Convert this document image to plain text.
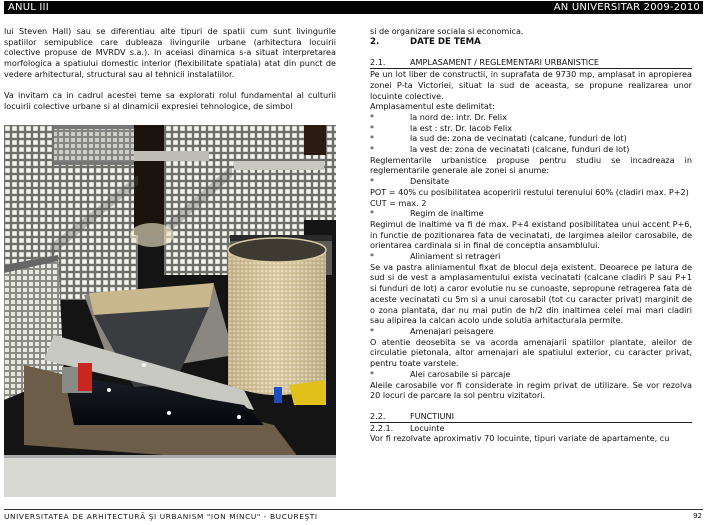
ANUL III	AN UNIVERSITAR 2009-2010
lui Steven Hall) sau se diferentiau alte tipuri de spatii cum sunt livingurile spatiilor semipublice care dubleaza livingurile urbane (arhitectura locuirii colective propuse de MVRDV s.a.). In aceiasi dinamica s-a situat interpretarea morfologica a spatiului domestic interior (flexibilitate spatiala) atat din punct de vedere arhitectural, structural sau al tehnicii instalatiilor.
Va invitam ca in cadrul acestei teme sa explorati rolul fundamental al culturii locuirii colective urbane si al dinamicii expresiei tehnologice, de simbol
si de organizare sociala si economica.
2.	DATE DE TEMA
2.1.	AMPLASAMENT / REGLEMENTARI URBANISTICE
Pe un lot liber de constructii, in suprafata de 9730 mp, amplasat in apropierea zonei P-ta Victoriei, situat la sud de aceasta, se propune realizarea unor locuinte colective.
Amplasamentul este delimitat:
*	la nord de: intr. Dr. Felix
*	la est : str. Dr. Iacob Felix
*	la sud de: zona de vecinatati (calcane, funduri de lot)
*	la vest de: zona de vecinatati (calcane, funduri de lot)
Reglementarile urbanistice propuse pentru studiu se incadreaza in reglementarile generale ale zonei si anume:
*	Densitate
POT = 40% cu posibilitatea acoperirii restului terenului 60% (cladiri max. P+2)
CUT = max. 2
*	Regim de inaltime
Regimul de inaltime va fi de max. P+4 existand posibilitatea unui accent P+6, in functie de pozitionarea fata de vecinatati, de largimea aleilor carosabile, de orientarea cardinala si in final de conceptia ansamblului.
*	Aliniament si retrageri
Se va pastra aliniamentul fixat de blocul deja existent. Deoarece pe latura de sud si de vest a amplasamentului exista vecinatati (calcane cladiri P sau P+1 si funduri de lot) a caror evolutie nu se cunoaste, sepropune retragerea fata de aceste vecinatati cu 5m si a unui carosabil (tot cu caracter privat) marginit de o zona plantata, dar nu mai putin de h/2 din inaltimea celei mai mari cladiri sau alipirea la calcan acolo unde solutia arhitacturala permite.
*	Amenajari peisagere
O atentie deosebita se va acorda amenajarii spatiilor plantate, aleilor de circulatie pietonala, altor amenajari ale spatiului exterior, cu caracter privat, pentru toate varstele.
*	Alei carosabile si parcaje
Aleile carosabile vor fi considerate in regim privat de utilizare. Se vor rezolva 20 locuri de parcare la sol pentru vizitatori.
2.2.	FUNCTIUNI
2.2.1. Locuinte
Vor fi rezolvate aproximativ 70 locuinte, tipuri variate de apartamente, cu
UNIVERSITATEA DE ARHITECTURĂ ŞI URBANISM "ION MINCU" - BUCUREŞTI	92
